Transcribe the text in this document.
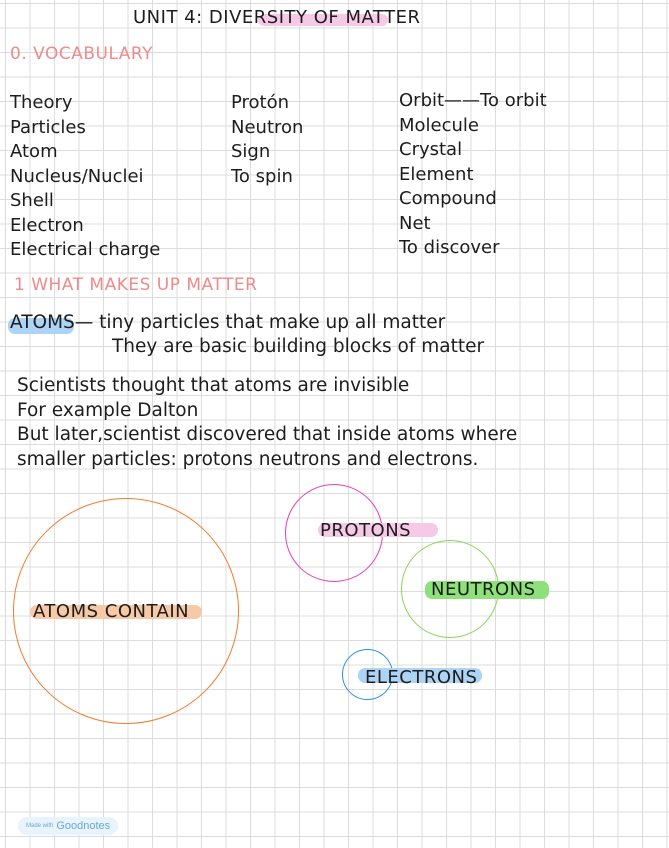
UNIT 4: DIVERSITY OF MATTER
0. VOCABULARY
Theory
Particles
Atom
Nucleus/Nuclei
Shell
Electron
Electrical charge
Protón
Neutron
Sign
To spin
Orbit——To orbit
Molecule
Crystal
Element
Compound
Net
To discover
1 WHAT MAKES UP MATTER
ATOMS— tiny particles that make up all matter
They are basic building blocks of matter
Scientists thought that atoms are invisible
For example Dalton
But later,scientist discovered that inside atoms where
smaller particles: protons neutrons and electrons.
ATOMS CONTAIN
PROTONS
NEUTRONS
ELECTRONS
Made with Goodnotes
